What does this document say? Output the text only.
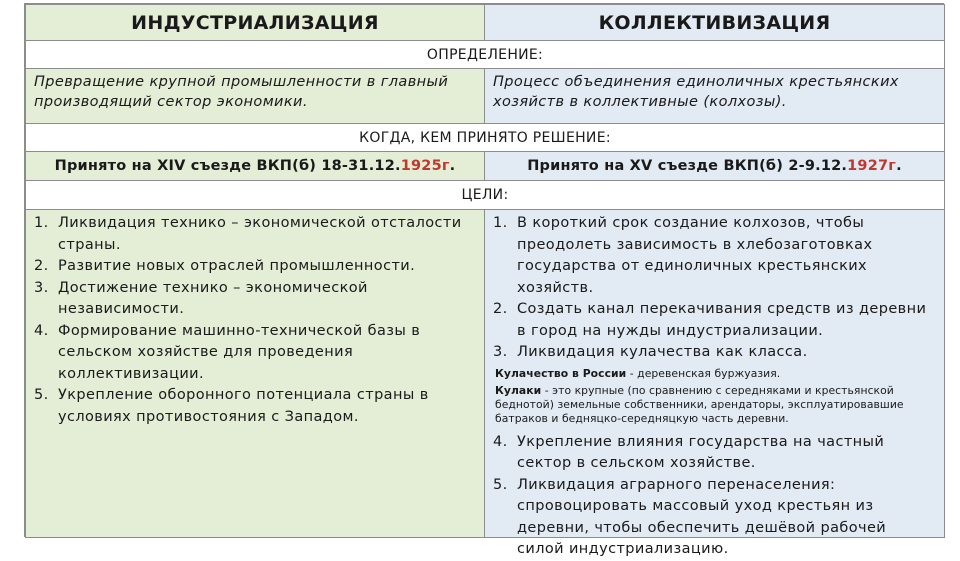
ИНДУСТРИАЛИЗАЦИЯ	КОЛЛЕКТИВИЗАЦИЯ
ОПРЕДЕЛЕНИЕ:
Превращение крупной промышленности в главный производящий сектор экономики.
Процесс объединения единоличных крестьянских хозяйств в коллективные (колхозы).
КОГДА, КЕМ ПРИНЯТО РЕШЕНИЕ:
Принято на XIV съезде ВКП(б) 18-31.12.1925г.	Принято на XV съезде ВКП(б) 2-9.12.1927г.
ЦЕЛИ:
1. Ликвидация технико – экономической отсталости страны.
2. Развитие новых отраслей промышленности.
3. Достижение технико – экономической независимости.
4. Формирование машинно-технической базы в сельском хозяйстве для проведения коллективизации.
5. Укрепление оборонного потенциала страны в условиях противостояния с Западом.
1. В короткий срок создание колхозов, чтобы преодолеть зависимость в хлебозаготовках государства от единоличных крестьянских хозяйств.
2. Создать канал перекачивания средств из деревни в город на нужды индустриализации.
3. Ликвидация кулачества как класса.

Кулачество в России - деревенская буржуазия.

Кулаки - это крупные (по сравнению с середняками и крестьянской беднотой) земельные собственники, арендаторы, эксплуатировавшие батраков и бедняцко-середняцкую часть деревни.

4. Укрепление влияния государства на частный сектор в сельском хозяйстве.
5. Ликвидация аграрного перенаселения: спровоцировать массовый уход крестьян из деревни, чтобы обеспечить дешёвой рабочей силой индустриализацию.
